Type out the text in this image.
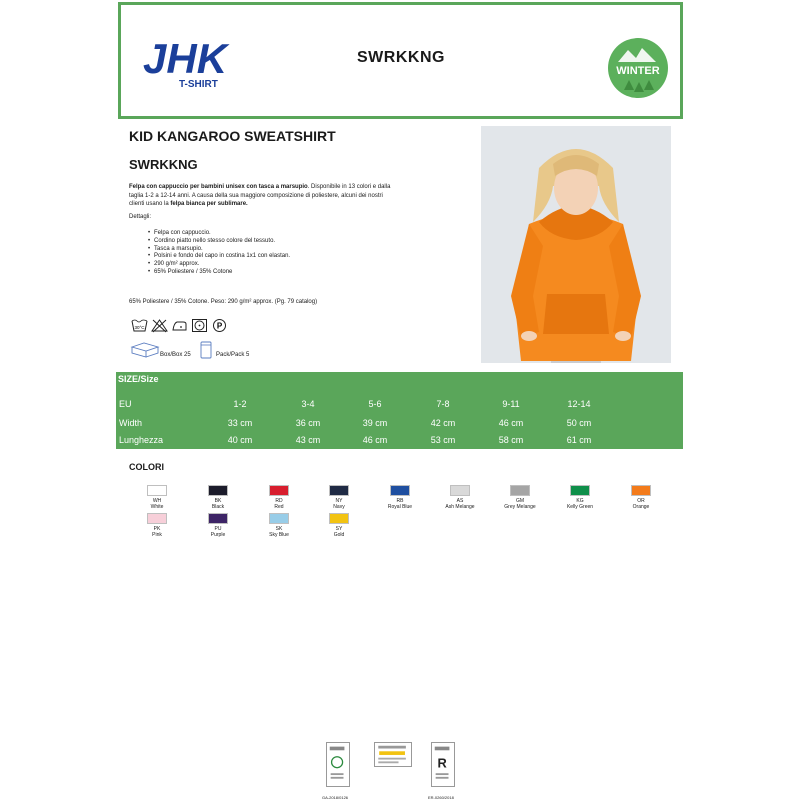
JHK
T-SHIRT
SWRKKNG
WINTER
KID KANGAROO SWEATSHIRT
SWRKKNG
Felpa con cappuccio per bambini unisex con tasca a marsupio. Disponibile in 13 colori e dalla taglia 1-2 a 12-14 anni. A causa della sua maggiore composizione di poliestere, alcuni dei nostri clienti usano la felpa bianca per sublimare.
Dettagli:
• Felpa con cappuccio.
• Cordino piatto nello stesso colore del tessuto.
• Tasca a marsupio.
• Polsini e fondo del capo in costina 1x1 con elastan.
• 290 g/m² approx.
• 65% Poliestere / 35% Cotone
65% Poliestere / 35% Cotone. Peso: 290 g/m² approx. (Pg. 79 catalog)
30°C	P
Box/Box 25	Pack/Pack 5
SIZE/Size
EU	1-2	3-4	5-6	7-8	9-11	12-14
Width	33 cm	36 cm	39 cm	42 cm	46 cm	50 cm
Lunghezza	40 cm	43 cm	46 cm	53 cm	58 cm	61 cm
COLORI
WH
White
BK
Black
RD
Red
NY
Navy
RB
Royal Blue
AS
Ash Melange
GM
Grey Melange
KG
Kelly Green
OR
Orange
PK
Pink
PU
Purple
SK
Sky Blue
SY
Gold
R
GA-2018/0126	ER-0260/2018
